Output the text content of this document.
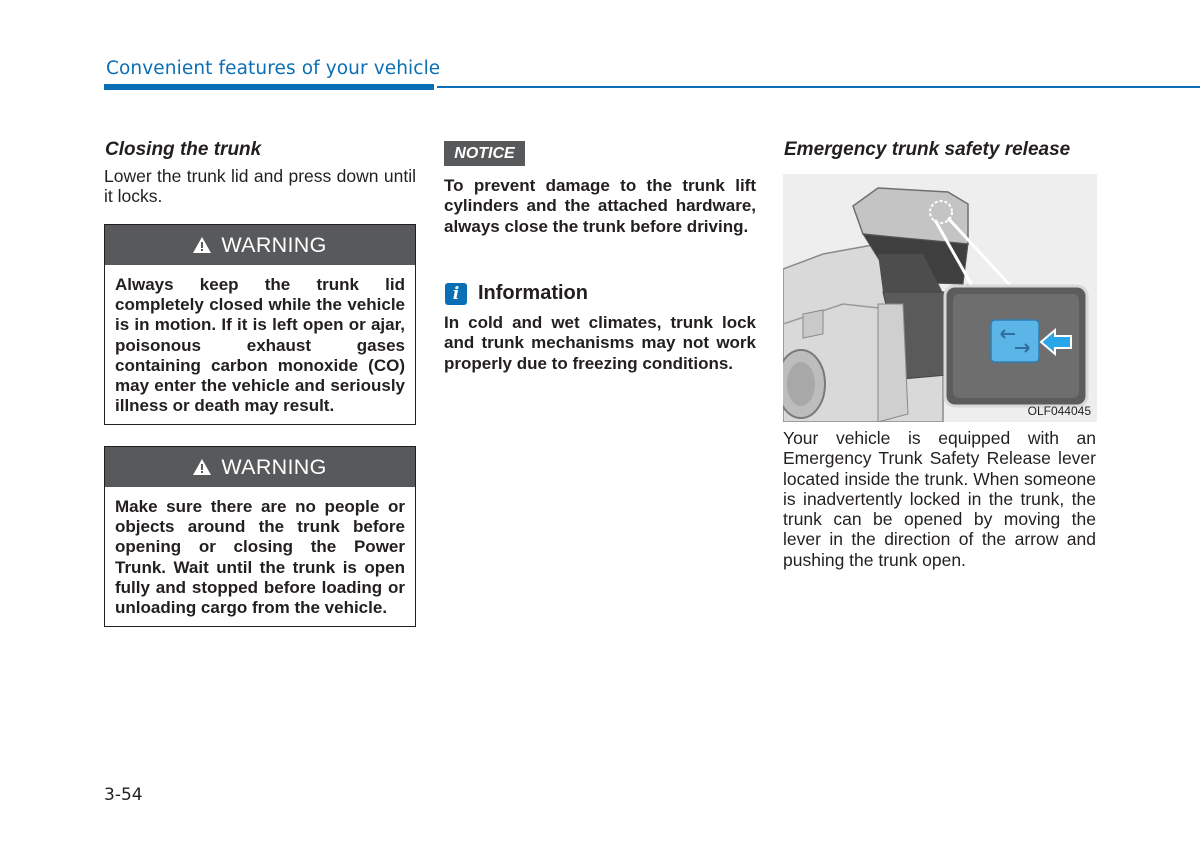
Convenient features of your vehicle
Closing the trunk
Lower the trunk lid and press down until it locks.
WARNING
Always keep the trunk lid completely closed while the vehicle is in motion. If it is left open or ajar, poisonous exhaust gases containing carbon monoxide (CO) may enter the vehicle and seriously illness or death may result.
WARNING
Make sure there are no people or objects around the trunk before opening or closing the Power Trunk. Wait until the trunk is open fully and stopped before loading or unloading cargo from the vehicle.
NOTICE
To prevent damage to the trunk lift cylinders and the attached hardware, always close the trunk before driving.
i Information
In cold and wet climates, trunk lock and trunk mechanisms may not work properly due to freezing conditions.
Emergency trunk safety release
OLF044045
Your vehicle is equipped with an Emergency Trunk Safety Release lever located inside the trunk. When someone is inadvertently locked in the trunk, the trunk can be opened by moving the lever in the direction of the arrow and pushing the trunk open.
3-54
